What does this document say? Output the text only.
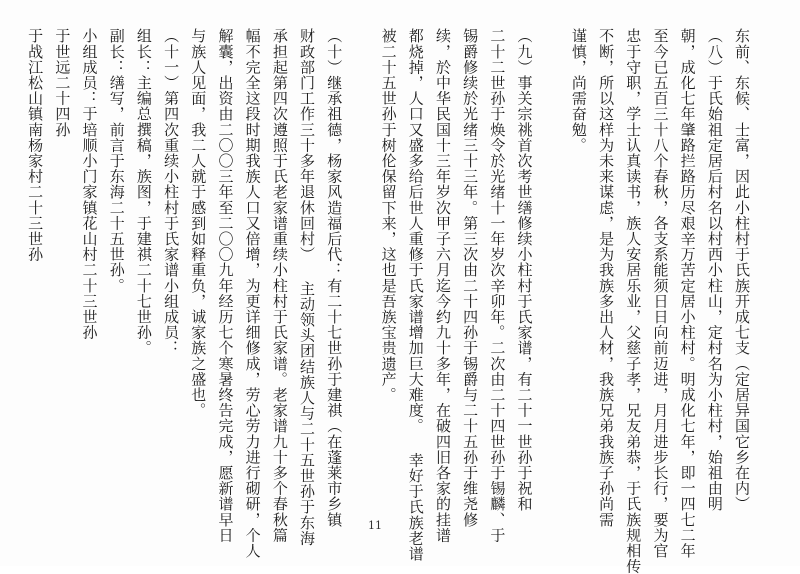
东前、东候、士富，因此小柱村于氏族开成七支（定居异国它乡在内）
（八）于氏始祖定居后村名以村西小柱山，定村名为小柱村，始祖由明
朝，成化七年肇路拦路历尽艰辛万苦定居小柱村。明成化七年，即一四七二年
至今已五百三十八个春秋，各支系能须日日向前迈进，月月进步长行，要为官
忠于守职，学士认真读书，族人安居乐业，父慈子孝，兄友弟恭，于氏族规相传
不断，所以这样为未来谋虑，是为我族多出人材，我族兄弟我族子孙尚需
谨慎，尚需奋勉。
（九）事关宗祧首次考世缮修续小柱村于氏家谱，有二十一世孙于祝和
二十二世孙于焕令於光绪十一年岁次辛卯年。二次由二十四世孙于锡麟、于
锡爵修续於光绪三十三年。第三次由二十四孙于锡爵与二十五孙于维尧修
续，於中华民国十三年岁次甲子六月迄今约九十多年，在破四旧各家的挂谱
都烧掉，人口又盛多给后世人重修于氏家谱增加巨大难度。 幸好于氏族老谱
被二十五世孙于树伦保留下来，这也是吾族宝贵遗产。
（十）继承祖德，杨家风造福后代：有二十七世孙于建祺（在蓬莱市乡镇
财政部门工作三十多年退休回村） 主动领头团结族人与二十五世孙于东海
承担起第四次遵照于氏老家谱重续小柱村于氏家谱。老家谱九十多个春秋篇
幅不完全这段时期我族人口又倍增，为更详细修成，劳心劳力进行砌研，个人
解囊，出资由二〇〇三年至二〇〇九年经历七个寒暑终告完成，愿新谱早日
与族人见面，我二人就于感到如释重负，诚家族之盛也。
（十一）第四次重续小柱村于氏家谱小组成员：
组长：主编总撰稿，族图，于建祺二十七世孙。
副长：缮写，前言于东海二十五世孙。
小组成员：于培顺小门家镇花山村二十三世孙
于世远二十四孙
于战江松山镇南杨家村二十三世孙
11
